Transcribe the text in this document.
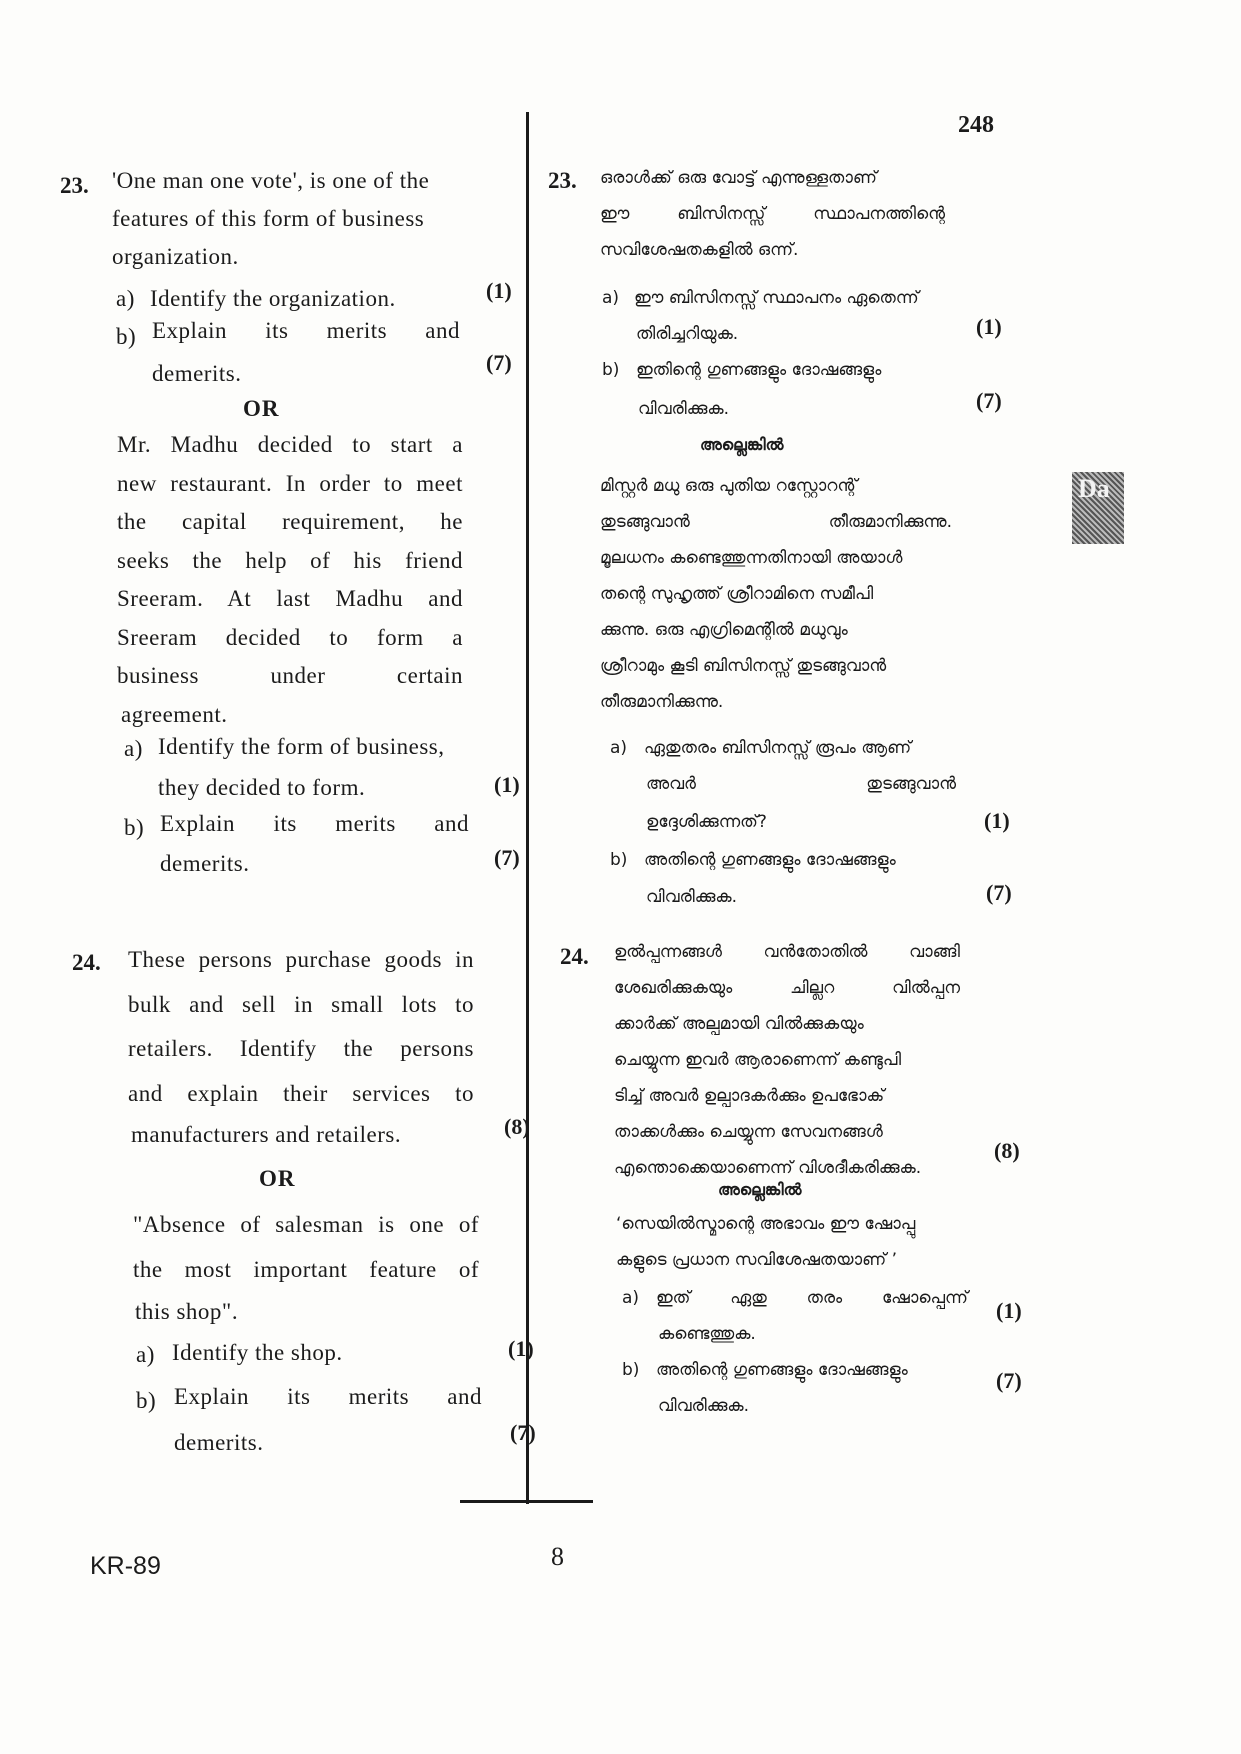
248
Da
23. 'One man one vote', is one of the
features of this form of business
organization.
a) Identify the organization.	(1)
b) Explain its merits and
demerits.	(7)
OR
Mr. Madhu decided to start a
new restaurant. In order to meet
the capital requirement, he
seeks the help of his friend
Sreeram. At last Madhu and
Sreeram decided to form a
business under certain
agreement.
a) Identify the form of business,
they decided to form.	(1)
b) Explain its merits and
demerits.	(7)
24. These persons purchase goods in
bulk and sell in small lots to
retailers. Identify the persons
and explain their services to
manufacturers and retailers.	(8)
OR
"Absence of salesman is one of
the most important feature of
this shop".
a) Identify the shop.	(1)
b) Explain its merits and
demerits.	(7)
23. ഒരാൾക്ക് ഒരു വോട്ട് എന്നുള്ളതാണ്
ഈ ബിസിനസ്സ് സ്ഥാപനത്തിന്റെ
സവിശേഷതകളിൽ ഒന്ന്.
a) ഈ ബിസിനസ്സ് സ്ഥാപനം ഏതെന്ന്
തിരിച്ചറിയുക.	(1)
b) ഇതിന്റെ ഗുണങ്ങളും ദോഷങ്ങളും
വിവരിക്കുക.	(7)
അല്ലെങ്കിൽ
മിസ്റ്റർ മധു ഒരു പുതിയ റസ്റ്റോറന്റ്
തുടങ്ങുവാൻ തീരുമാനിക്കുന്നു.
മൂലധനം കണ്ടെത്തുന്നതിനായി അയാൾ
തന്റെ സുഹൃത്ത് ശ്രീറാമിനെ സമീപി
ക്കുന്നു. ഒരു എഗ്രിമെന്റിൽ മധുവും
ശ്രീറാമും കൂടി ബിസിനസ്സ് തുടങ്ങുവാൻ
തീരുമാനിക്കുന്നു.
a) ഏതുതരം ബിസിനസ്സ് രൂപം ആണ്
അവർ തുടങ്ങുവാൻ
ഉദ്ദേശിക്കുന്നത്?	(1)
b) അതിന്റെ ഗുണങ്ങളും ദോഷങ്ങളും
വിവരിക്കുക.	(7)
24. ഉൽപ്പന്നങ്ങൾ വൻതോതിൽ വാങ്ങി
ശേഖരിക്കുകയും ചില്ലറ വിൽപ്പന
ക്കാർക്ക് അല്പമായി വിൽക്കുകയും
ചെയ്യുന്ന ഇവർ ആരാണെന്ന് കണ്ടുപി
ടിച്ച് അവർ ഉല്പാദകർക്കും ഉപഭോക്
താക്കൾക്കും ചെയ്യുന്ന സേവനങ്ങൾ
എന്തൊക്കെയാണെന്ന് വിശദീകരിക്കുക.
(8)
അല്ലെങ്കിൽ
‘സെയിൽസ്മാന്റെ അഭാവം ഈ ഷോപ്പു
കളുടെ പ്രധാന സവിശേഷതയാണ് ’
a) ഇത് ഏതു തരം ഷോപ്പെന്ന്
കണ്ടെത്തുക.
(1)
b) അതിന്റെ ഗുണങ്ങളും ദോഷങ്ങളും
വിവരിക്കുക.
(7)
KR-89	8
